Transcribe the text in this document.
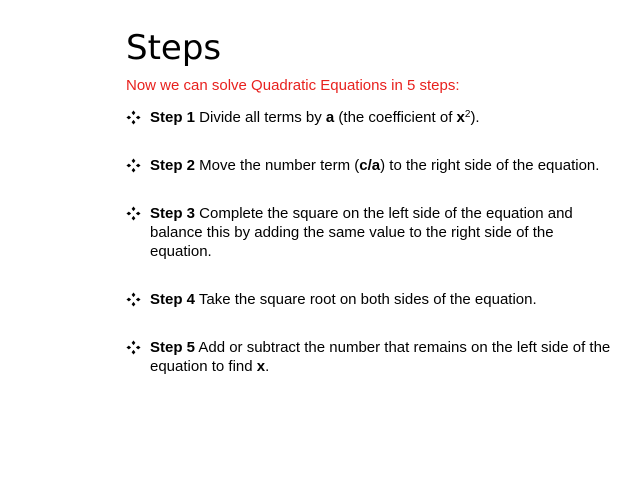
Steps
Now we can solve Quadratic Equations in 5 steps:
Step 1 Divide all terms by a (the coefficient of $x^2$).
Step 2 Move the number term (c/a) to the right side of the equation.
Step 3 Complete the square on the left side of the equation and balance this by adding the same value to the right side of the equation.
Step 4 Take the square root on both sides of the equation.
Step 5 Add or subtract the number that remains on the left side of the equation to find x.
